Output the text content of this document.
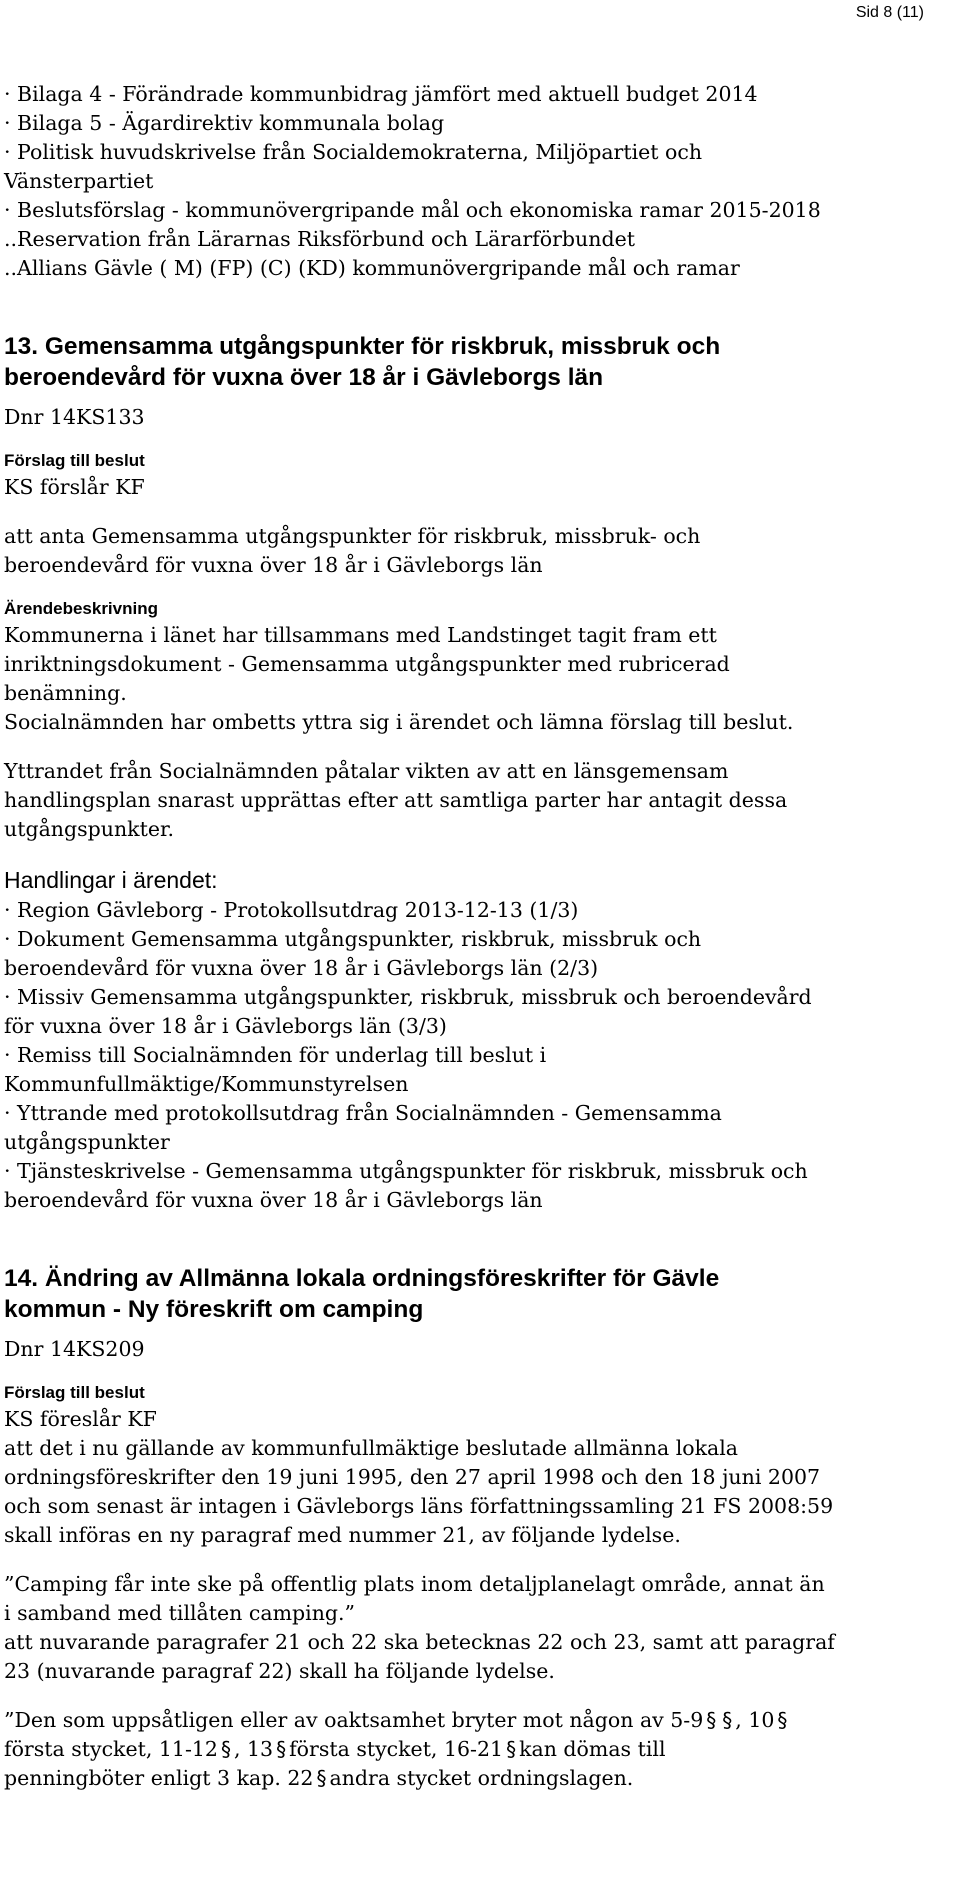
Sid 8 (11)
· Bilaga 4 - Förändrade kommunbidrag jämfört med aktuell budget 2014
· Bilaga 5 - Ägardirektiv kommunala bolag
· Politisk huvudskrivelse från Socialdemokraterna, Miljöpartiet och
Vänsterpartiet
· Beslutsförslag - kommunövergripande mål och ekonomiska ramar 2015-2018
..Reservation från Lärarnas Riksförbund och Lärarförbundet
..Allians Gävle ( M) (FP) (C) (KD) kommunövergripande mål och ramar
13. Gemensamma utgångspunkter för riskbruk, missbruk och
beroendevård för vuxna över 18 år i Gävleborgs län
Dnr 14KS133
Förslag till beslut
KS förslår KF
att anta Gemensamma utgångspunkter för riskbruk, missbruk- och
beroendevård för vuxna över 18 år i Gävleborgs län
Ärendebeskrivning
Kommunerna i länet har tillsammans med Landstinget tagit fram ett
inriktningsdokument - Gemensamma utgångspunkter med rubricerad
benämning.
Socialnämnden har ombetts yttra sig i ärendet och lämna förslag till beslut.
Yttrandet från Socialnämnden påtalar vikten av att en länsgemensam
handlingsplan snarast upprättas efter att samtliga parter har antagit dessa
utgångspunkter.
Handlingar i ärendet:
· Region Gävleborg - Protokollsutdrag 2013-12-13 (1/3)
· Dokument Gemensamma utgångspunkter, riskbruk, missbruk och
beroendevård för vuxna över 18 år i Gävleborgs län (2/3)
· Missiv Gemensamma utgångspunkter, riskbruk, missbruk och beroendevård
för vuxna över 18 år i Gävleborgs län (3/3)
· Remiss till Socialnämnden för underlag till beslut i
Kommunfullmäktige/Kommunstyrelsen
· Yttrande med protokollsutdrag från Socialnämnden - Gemensamma
utgångspunkter
· Tjänsteskrivelse - Gemensamma utgångspunkter för riskbruk, missbruk och
beroendevård för vuxna över 18 år i Gävleborgs län
14. Ändring av Allmänna lokala ordningsföreskrifter för Gävle
kommun - Ny föreskrift om camping
Dnr 14KS209
Förslag till beslut
KS föreslår KF
att det i nu gällande av kommunfullmäktige beslutade allmänna lokala
ordningsföreskrifter den 19 juni 1995, den 27 april 1998 och den 18 juni 2007
och som senast är intagen i Gävleborgs läns författningssamling 21 FS 2008:59
skall införas en ny paragraf med nummer 21, av följande lydelse.
”Camping får inte ske på offentlig plats inom detaljplanelagt område, annat än
i samband med tillåten camping.”
att nuvarande paragrafer 21 och 22 ska betecknas 22 och 23, samt att paragraf
23 (nuvarande paragraf 22) skall ha följande lydelse.
”Den som uppsåtligen eller av oaktsamhet bryter mot någon av 5-9 § § , 10 §
första stycket, 11-12 § , 13 § första stycket, 16-21 § kan dömas till
penningböter enligt 3 kap. 22 § andra stycket ordningslagen.
